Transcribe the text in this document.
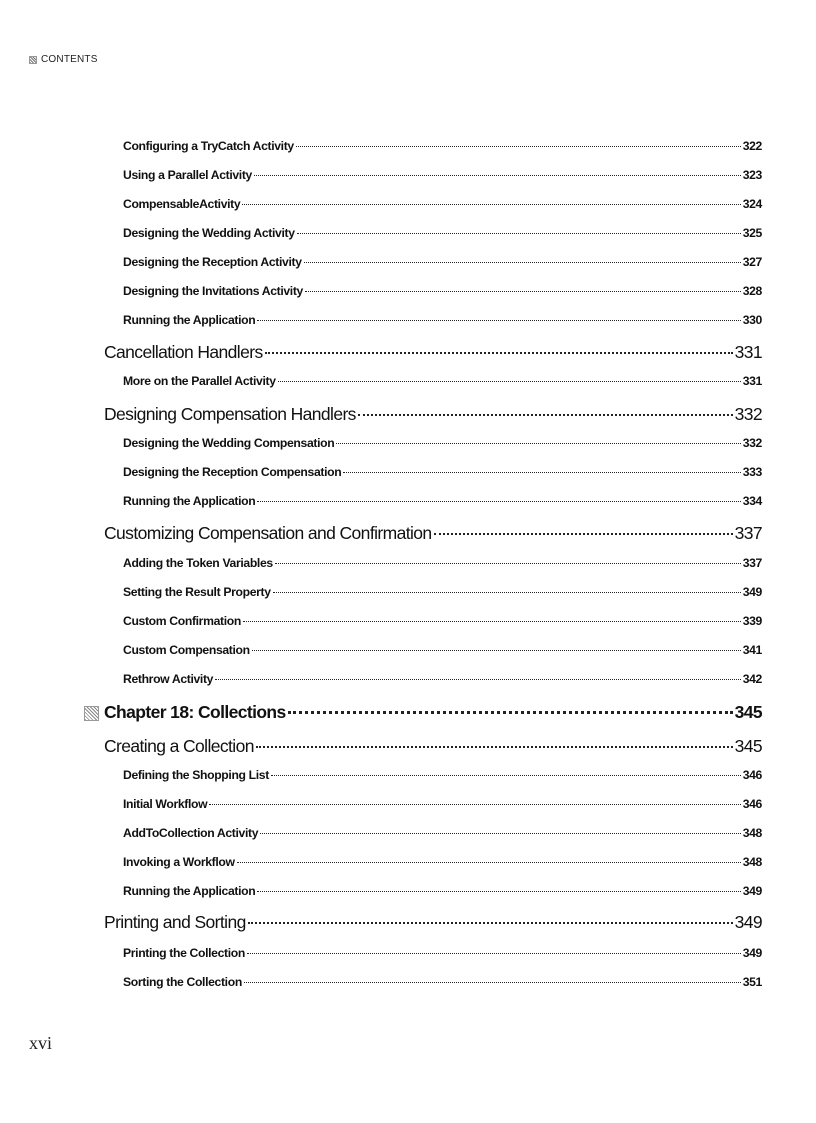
CONTENTS
Configuring a TryCatch Activity	322
Using a Parallel Activity	323
CompensableActivity	324
Designing the Wedding Activity	325
Designing the Reception Activity	327
Designing the Invitations Activity	328
Running the Application	330
Cancellation Handlers	331
More on the Parallel Activity	331
Designing Compensation Handlers	332
Designing the Wedding Compensation	332
Designing the Reception Compensation	333
Running the Application	334
Customizing Compensation and Confirmation	337
Adding the Token Variables	337
Setting the Result Property	349
Custom Confirmation	339
Custom Compensation	341
Rethrow Activity	342
Chapter 18: Collections	345
Creating a Collection	345
Defining the Shopping List	346
Initial Workflow	346
AddToCollection Activity	348
Invoking a Workflow	348
Running the Application	349
Printing and Sorting	349
Printing the Collection	349
Sorting the Collection	351
xvi
